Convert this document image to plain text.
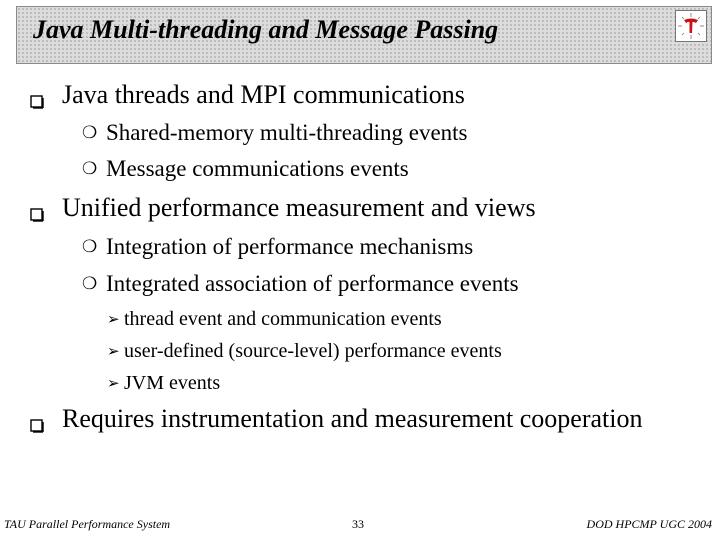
Java Multi-threading and Message Passing
Java threads and MPI communications
❍ Shared-memory multi-threading events
❍ Message communications events
Unified performance measurement and views
❍ Integration of performance mechanisms
❍ Integrated association of performance events
➢ thread event and communication events
➢ user-defined (source-level) performance events
➢ JVM events
Requires instrumentation and measurement cooperation
TAU Parallel Performance System	33	DOD HPCMP UGC 2004
